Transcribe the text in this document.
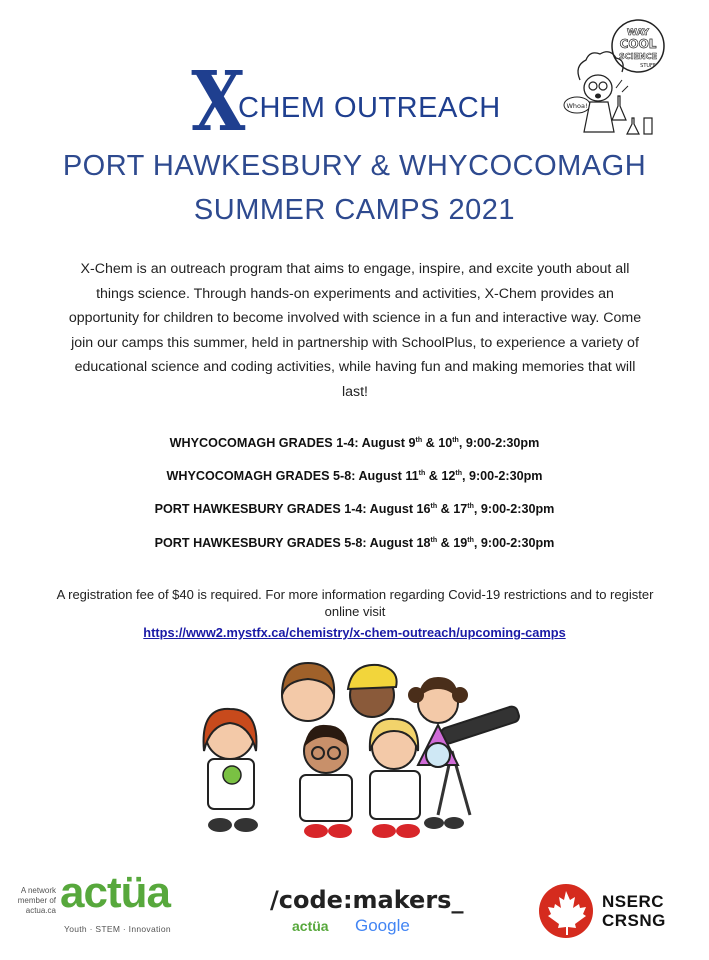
X
CHEM OUTREACH
WAY
COOL
SCIENCE
STUFF
Whoa!
PORT HAWKESBURY & WHYCOCOMAGH
SUMMER CAMPS 2021
X-Chem is an outreach program that aims to engage, inspire, and excite youth about all things science. Through hands-on experiments and activities, X-Chem provides an opportunity for children to become involved with science in a fun and interactive way. Come join our camps this summer, held in partnership with SchoolPlus, to experience a variety of educational science and coding activities, while having fun and making memories that will last!
WHYCOCOMAGH GRADES 1-4: August 9th & 10th, 9:00-2:30pm
WHYCOCOMAGH GRADES 5-8: August 11th & 12th, 9:00-2:30pm
PORT HAWKESBURY GRADES 1-4: August 16th & 17th, 9:00-2:30pm
PORT HAWKESBURY GRADES 5-8: August 18th & 19th, 9:00-2:30pm
A registration fee of $40 is required. For more information regarding Covid-19 restrictions and to register online visit
https://www2.mystfx.ca/chemistry/x-chem-outreach/upcoming-camps
A network
member of
actua.ca actüa
Youth · STEM · Innovation
/code:makers_
actüa Google
NSERC
CRSNG
